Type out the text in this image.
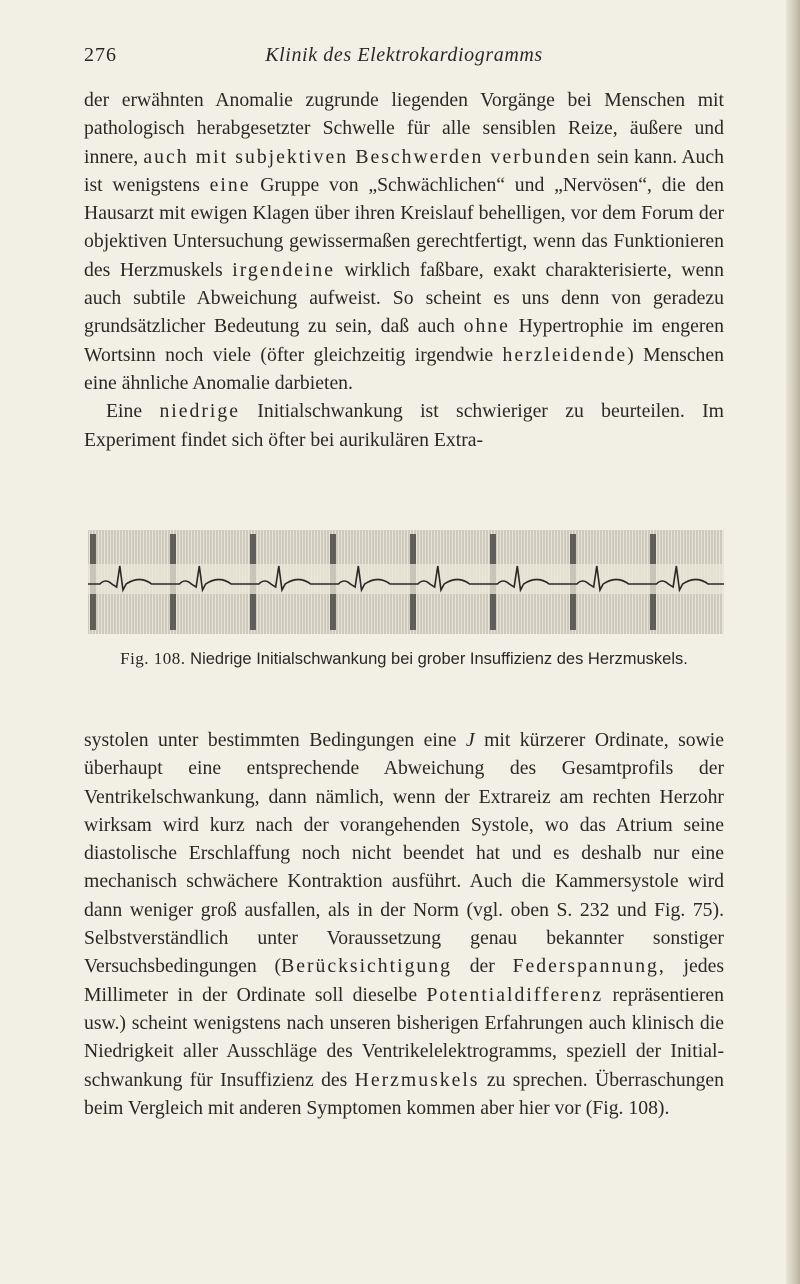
276	Klinik des Elektrokardiogramms
der erwähnten Anomalie zugrunde liegenden Vorgänge bei Menschen mit pathologisch herabgesetzter Schwelle für alle sensiblen Reize, äußere und innere, auch mit subjektiven Beschwerden verbunden sein kann. Auch ist wenigstens eine Gruppe von „Schwächlichen“ und „Nervösen“, die den Hausarzt mit ewigen Klagen über ihren Kreislauf behelligen, vor dem Forum der objektiven Untersuchung gewissermaßen gerechtfertigt, wenn das Funktionieren des Herzmuskels irgendeine wirklich faßbare, exakt charakterisierte, wenn auch subtile Abweichung aufweist. So scheint es uns denn von geradezu grundsätzlicher Bedeutung zu sein, daß auch ohne Hypertrophie im engeren Wortsinn noch viele (öfter gleichzeitig irgendwie herzleidende) Menschen eine ähnliche Anomalie darbieten.
Eine niedrige Initialschwankung ist schwieriger zu beurteilen. Im Experiment findet sich öfter bei aurikulären Extra-
Fig. 108. Niedrige Initialschwankung bei grober Insuffizienz des Herzmuskels.
systolen unter bestimmten Bedingungen eine J mit kürzerer Ordinate, sowie überhaupt eine entsprechende Abweichung des Gesamtprofils der Ventrikelschwankung, dann nämlich, wenn der Extrareiz am rechten Herzohr wirksam wird kurz nach der vorangehenden Systole, wo das Atrium seine diastolische Erschlaffung noch nicht beendet hat und es deshalb nur eine mechanisch schwächere Kontraktion ausführt. Auch die Kammersystole wird dann weniger groß ausfallen, als in der Norm (vgl. oben S. 232 und Fig. 75). Selbstverständlich unter Voraussetzung genau bekannter sonstiger Versuchsbedingungen (Berücksichtigung der Federspannung, jedes Millimeter in der Ordinate soll dieselbe Potentialdifferenz repräsentieren usw.) scheint wenigstens nach unseren bisherigen Erfahrungen auch klinisch die Niedrigkeit aller Ausschläge des Ventrikelelektrogramms, speziell der Initialschwankung für Insuffizienz des Herzmuskels zu sprechen. Überraschungen beim Vergleich mit anderen Symptomen kommen aber hier vor (Fig. 108).
